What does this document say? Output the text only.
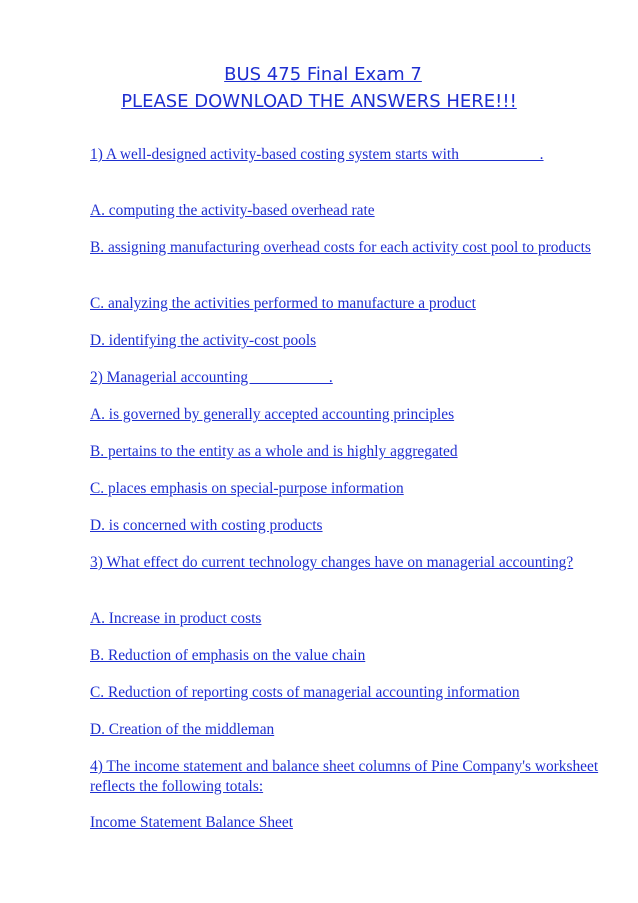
BUS 475 Final Exam 7

PLEASE DOWNLOAD THE ANSWERS HERE!!!

1) A well-designed activity-based costing system starts with __________.

A. computing the activity-based overhead rate

B. assigning manufacturing overhead costs for each activity cost pool to products

C. analyzing the activities performed to manufacture a product

D. identifying the activity-cost pools

2) Managerial accounting __________.

A. is governed by generally accepted accounting principles

B. pertains to the entity as a whole and is highly aggregated

C. places emphasis on special-purpose information

D. is concerned with costing products

3) What effect do current technology changes have on managerial accounting?

A. Increase in product costs

B. Reduction of emphasis on the value chain

C. Reduction of reporting costs of managerial accounting information

D. Creation of the middleman

4) The income statement and balance sheet columns of Pine Company's worksheet reflects the following totals:

Income Statement Balance Sheet
